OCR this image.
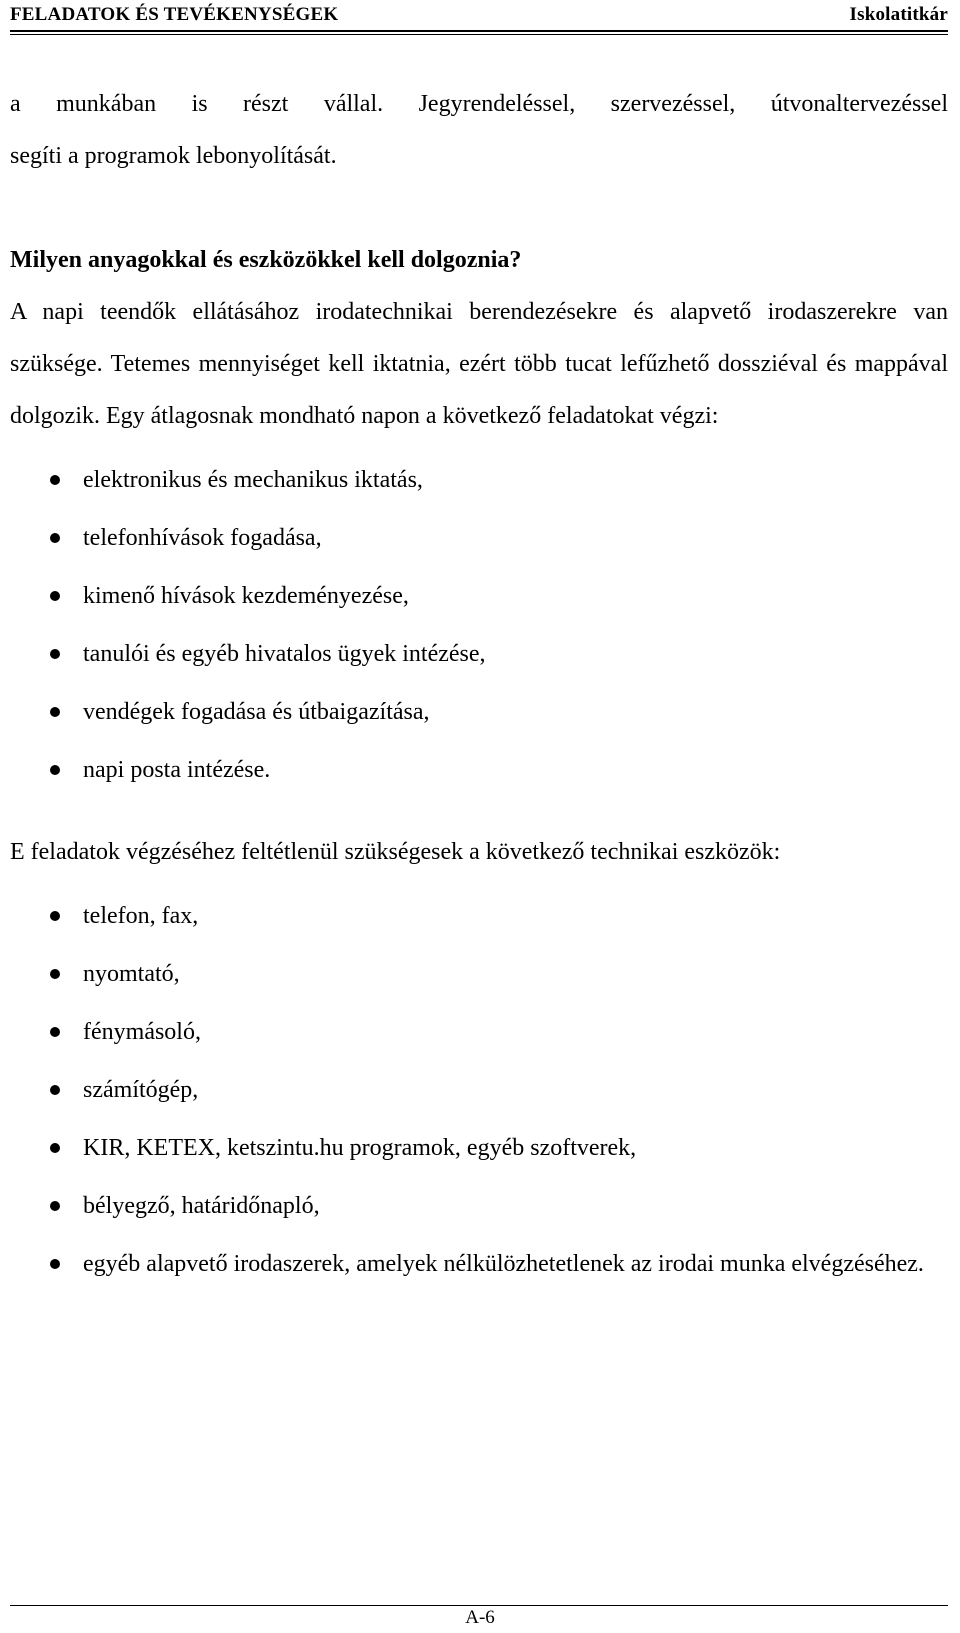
FELADATOK ÉS TEVÉKENYSÉGEK	Iskolatitkár

a munkában is részt vállal. Jegyrendeléssel, szervezéssel, útvonaltervezéssel

segíti a programok lebonyolítását.

Milyen anyagokkal és eszközökkel kell dolgoznia?

A napi teendők ellátásához irodatechnikai berendezésekre és alapvető irodaszerekre van szüksége. Tetemes mennyiséget kell iktatnia, ezért több tucat lefűzhető dossziéval és mappával dolgozik. Egy átlagosnak mondható napon a következő feladatokat végzi:

elektronikus és mechanikus iktatás,
telefonhívások fogadása,
kimenő hívások kezdeményezése,
tanulói és egyéb hivatalos ügyek intézése,
vendégek fogadása és útbaigazítása,
napi posta intézése.

E feladatok végzéséhez feltétlenül szükségesek a következő technikai eszközök:

telefon, fax,
nyomtató,
fénymásoló,
számítógép,
KIR, KETEX, ketszintu.hu programok, egyéb szoftverek,
bélyegző, határidőnapló,

egyéb alapvető irodaszerek, amelyek nélkülözhetetlenek az irodai munka elvégzéséhez.

A-6
